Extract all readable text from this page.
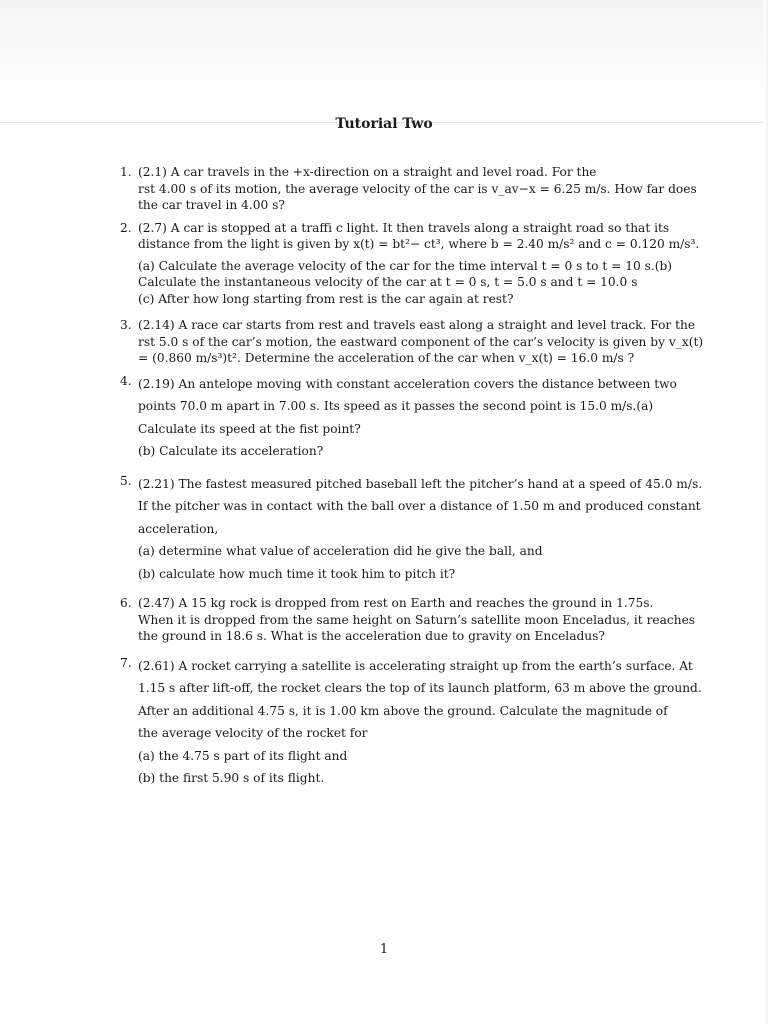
Tutorial Two
1. (2.1) A car travels in the +x-direction on a straight and level road. For the
rst 4.00 s of its motion, the average velocity of the car is v_av−x = 6.25 m/s. How far does
the car travel in 4.00 s?
2. (2.7) A car is stopped at a traffi c light. It then travels along a straight road so that its
distance from the light is given by x(t) = bt²− ct³, where b = 2.40 m/s² and c = 0.120 m/s³.
(a) Calculate the average velocity of the car for the time interval t = 0 s to t = 10 s.(b)
Calculate the instantaneous velocity of the car at t = 0 s, t = 5.0 s and t = 10.0 s
(c) After how long starting from rest is the car again at rest?
3. (2.14) A race car starts from rest and travels east along a straight and level track. For the
rst 5.0 s of the car’s motion, the eastward component of the car’s velocity is given by v_x(t)
= (0.860 m/s³)t². Determine the acceleration of the car when v_x(t) = 16.0 m/s ?
4. (2.19) An antelope moving with constant acceleration covers the distance between two
points 70.0 m apart in 7.00 s. Its speed as it passes the second point is 15.0 m/s.(a)
Calculate its speed at the fist point?
(b) Calculate its acceleration?
5. (2.21) The fastest measured pitched baseball left the pitcher’s hand at a speed of 45.0 m/s.
If the pitcher was in contact with the ball over a distance of 1.50 m and produced constant
acceleration,
(a) determine what value of acceleration did he give the ball, and
(b) calculate how much time it took him to pitch it?
6. (2.47) A 15 kg rock is dropped from rest on Earth and reaches the ground in 1.75s.
When it is dropped from the same height on Saturn’s satellite moon Enceladus, it reaches
the ground in 18.6 s. What is the acceleration due to gravity on Enceladus?
7. (2.61) A rocket carrying a satellite is accelerating straight up from the earth’s surface. At
1.15 s after lift-off, the rocket clears the top of its launch platform, 63 m above the ground.
After an additional 4.75 s, it is 1.00 km above the ground. Calculate the magnitude of
the average velocity of the rocket for
(a) the 4.75 s part of its flight and
(b) the first 5.90 s of its flight.
1
